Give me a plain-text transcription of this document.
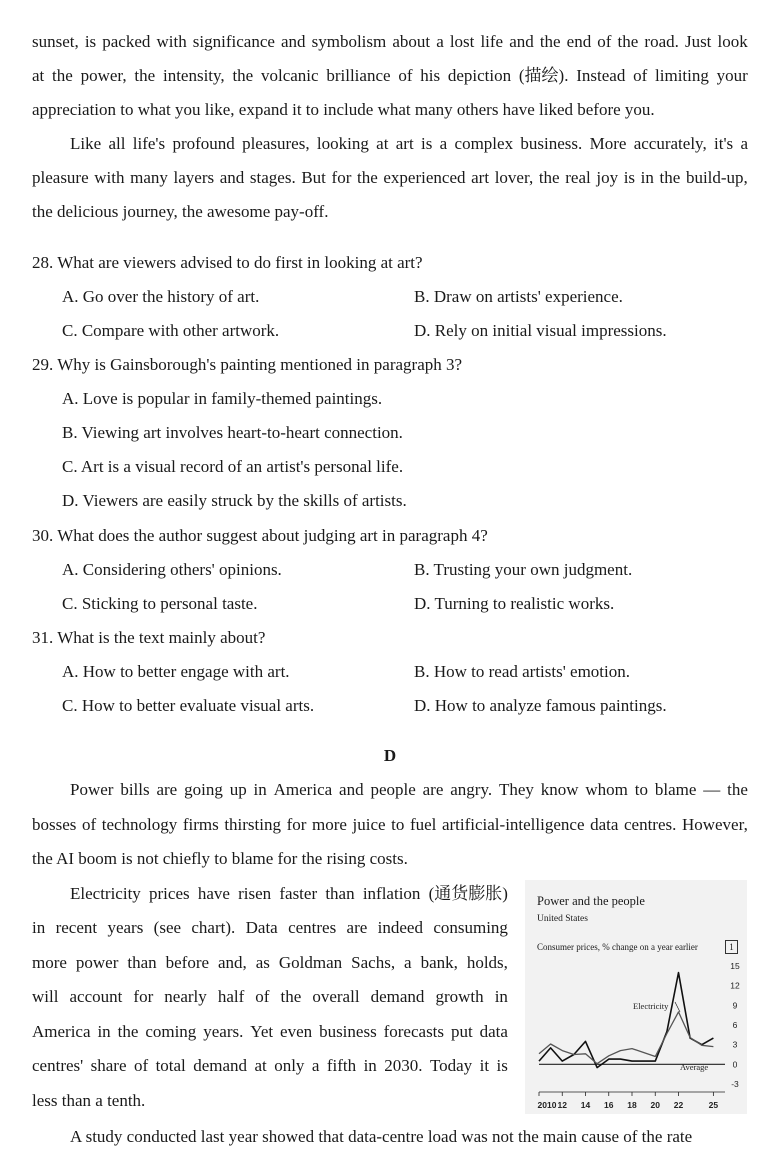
sunset, is packed with significance and symbolism about a lost life and the end of the road. Just look
at the power, the intensity, the volcanic brilliance of his depiction (描绘). Instead of limiting your
appreciation to what you like, expand it to include what many others have liked before you.
Like all life's profound pleasures, looking at art is a complex business. More accurately, it's a
pleasure with many layers and stages. But for the experienced art lover, the real joy is in the build-up,
the delicious journey, the awesome pay-off.
28. What are viewers advised to do first in looking at art?
A. Go over the history of art.	B. Draw on artists' experience.
C. Compare with other artwork.	D. Rely on initial visual impressions.
29. Why is Gainsborough's painting mentioned in paragraph 3?
A. Love is popular in family-themed paintings.
B. Viewing art involves heart-to-heart connection.
C. Art is a visual record of an artist's personal life.
D. Viewers are easily struck by the skills of artists.
30. What does the author suggest about judging art in paragraph 4?
A. Considering others' opinions.	B. Trusting your own judgment.
C. Sticking to personal taste.	D. Turning to realistic works.
31. What is the text mainly about?
A. How to better engage with art.	B. How to read artists' emotion.
C. How to better evaluate visual arts.	D. How to analyze famous paintings.
D
Power bills are going up in America and people are angry. They know whom to blame — the
bosses of technology firms thirsting for more juice to fuel artificial-intelligence data centres. However,
the AI boom is not chiefly to blame for the rising costs.
Electricity prices have risen faster than inflation (通货膨胀)
in recent years (see chart). Data centres are indeed consuming
more power than before and, as Goldman Sachs, a bank, holds,
will account for nearly half of the overall demand growth in
America in the coming years. Yet even business forecasts put data
centres' share of total demand at only a fifth in 2030. Today it is
less than a tenth.
A study conducted last year showed that data-centre load was not the main cause of the rate
Power and the people
United States
Consumer prices, % change on a year earlier	1
15
12
9
6
3
0
-3
2010 12 14 16 18 20 22	25
Electricity
Average
